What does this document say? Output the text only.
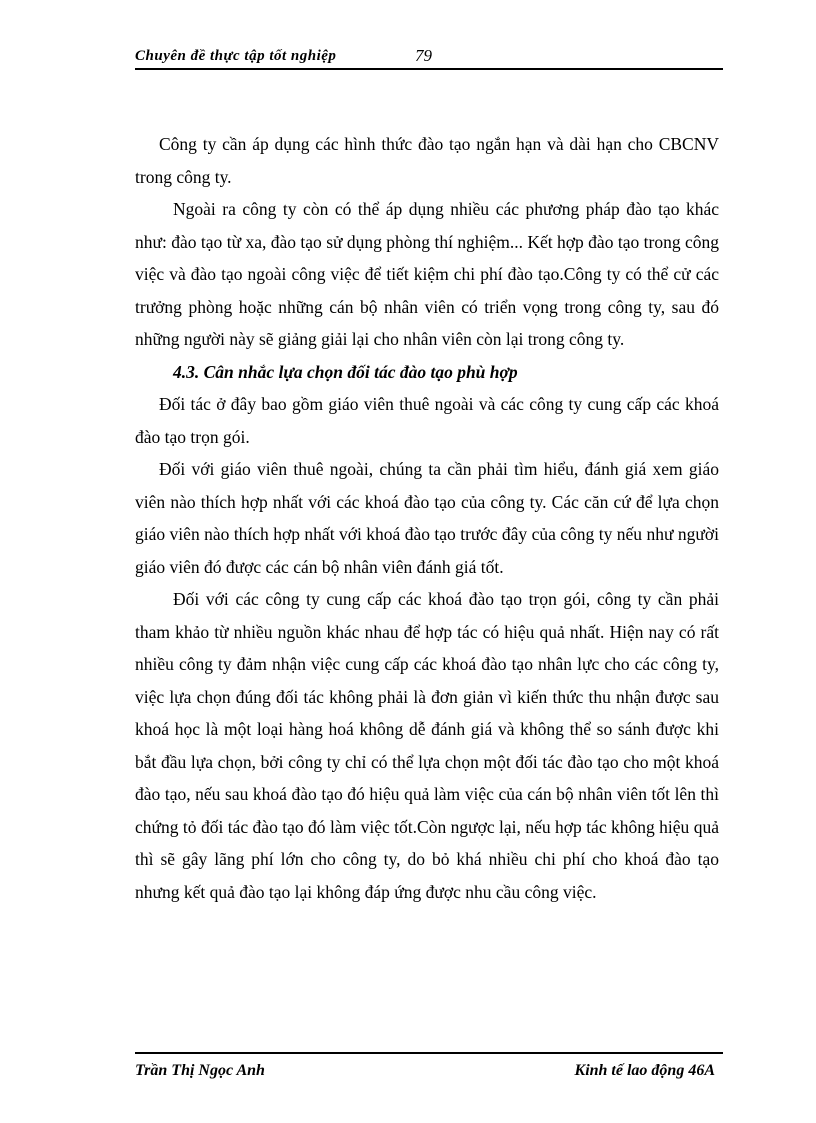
Chuyên đề thực tập tốt nghiệp	79

Công ty cần áp dụng các hình thức đào tạo ngắn hạn và dài hạn cho CBCNV trong công ty.

Ngoài ra công ty còn có thể áp dụng nhiều các phương pháp đào tạo khác như: đào tạo từ xa, đào tạo sử dụng phòng thí nghiệm... Kết hợp đào tạo trong công việc và đào tạo ngoài công việc để tiết kiệm chi phí đào tạo.Công ty có thể cử các trưởng phòng hoặc những cán bộ nhân viên có triển vọng trong công ty, sau đó những người này sẽ giảng giải lại cho nhân viên còn lại trong công ty.

4.3. Cân nhắc lựa chọn đối tác đào tạo phù hợp

Đối tác ở đây bao gồm giáo viên thuê ngoài và các công ty cung cấp các khoá đào tạo trọn gói.

Đối với giáo viên thuê ngoài, chúng ta cần phải tìm hiểu, đánh giá xem giáo viên nào thích hợp nhất với các khoá đào tạo của công ty. Các căn cứ để lựa chọn giáo viên nào thích hợp nhất với khoá đào tạo trước đây của công ty nếu như người giáo viên đó được các cán bộ nhân viên đánh giá tốt.

Đối với các công ty cung cấp các khoá đào tạo trọn gói, công ty cần phải tham khảo từ nhiều nguồn khác nhau để hợp tác có hiệu quả nhất. Hiện nay có rất nhiều công ty đảm nhận việc cung cấp các khoá đào tạo nhân lực cho các công ty, việc lựa chọn đúng đối tác không phải là đơn giản vì kiến thức thu nhận được sau khoá học là một loại hàng hoá không dễ đánh giá và không thể so sánh được khi bắt đầu lựa chọn, bởi công ty chỉ có thể lựa chọn một đối tác đào tạo cho một khoá đào tạo, nếu sau khoá đào tạo đó hiệu quả làm việc của cán bộ nhân viên tốt lên thì chứng tỏ đối tác đào tạo đó làm việc tốt.Còn ngược lại, nếu hợp tác không hiệu quả thì sẽ gây lãng phí lớn cho công ty, do bỏ khá nhiều chi phí cho khoá đào tạo nhưng kết quả đào tạo lại không đáp ứng được nhu cầu công việc.

Trần Thị Ngọc Anh	Kinh tế lao động 46A
